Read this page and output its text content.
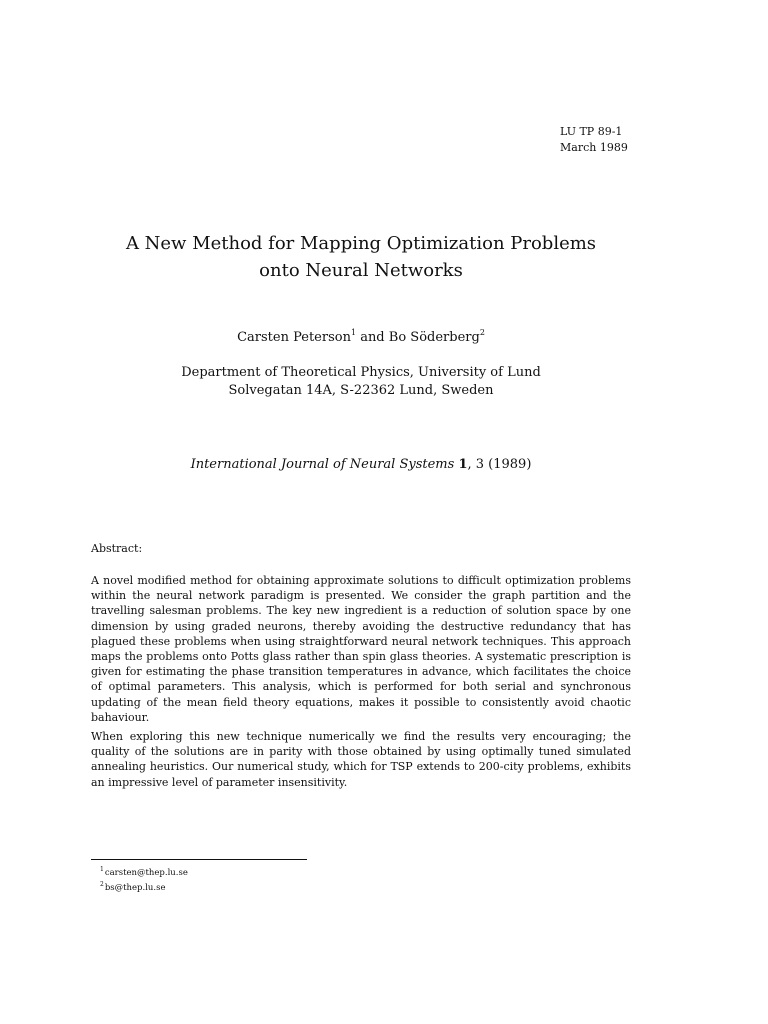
LU TP 89-1
March 1989
A New Method for Mapping Optimization Problems
onto Neural Networks
Carsten Peterson$^1$ and Bo Söderberg$^2$
Department of Theoretical Physics, University of Lund
Solvegatan 14A, S-22362 Lund, Sweden
International Journal of Neural Systems 1, 3 (1989)
Abstract:

A novel modified method for obtaining approximate solutions to difficult optimization problems within the neural network paradigm is presented. We consider the graph partition and the travelling salesman problems. The key new ingredient is a reduction of solution space by one dimension by using graded neurons, thereby avoiding the destructive redundancy that has plagued these problems when using straightforward neural network techniques. This approach maps the problems onto Potts glass rather than spin glass theories. A systematic prescription is given for estimating the phase transition temperatures in advance, which facilitates the choice of optimal parameters. This analysis, which is performed for both serial and synchronous updating of the mean field theory equations, makes it possible to consistently avoid chaotic bahaviour.

When exploring this new technique numerically we find the results very encouraging; the quality of the solutions are in parity with those obtained by using optimally tuned simulated annealing heuristics. Our numerical study, which for TSP extends to 200-city problems, exhibits an impressive level of parameter insensitivity.

$^1$carsten@thep.lu.se
$^2$bs@thep.lu.se
